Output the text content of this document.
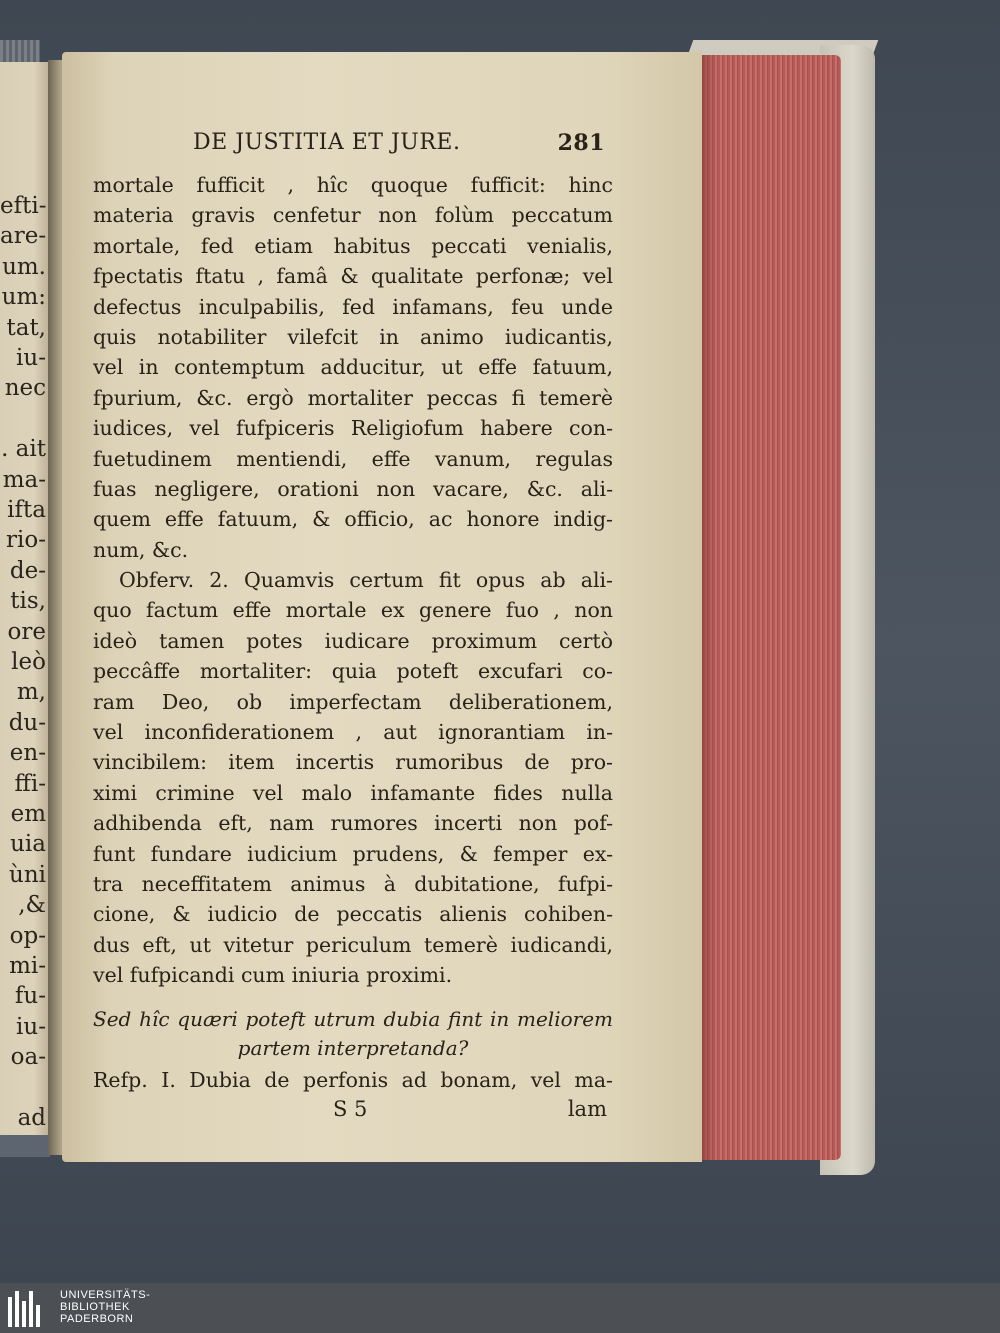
efti-
are-
um.
um:
tat,
iu-
nec
. ait
ma-
ifta
rio-
de-
tis,
ore
leò
m,
du-
en-
ffi-
em
uia
ùni
,&
op-
mi-
fu-
iu-
oa-
ad
DE JUSTITIA ET JURE.	281
mortale fufficit , hîc quoque fufficit: hinc
materia gravis cenfetur non folùm peccatum
mortale, fed etiam habitus peccati venialis,
fpectatis ftatu , famâ & qualitate perfonæ; vel
defectus inculpabilis, fed infamans, feu unde
quis notabiliter vilefcit in animo iudicantis,
vel in contemptum adducitur, ut effe fatuum,
fpurium, &c. ergò mortaliter peccas fi temerè
iudices, vel fufpiceris Religiofum habere con-
fuetudinem mentiendi, effe vanum, regulas
fuas negligere, orationi non vacare, &c. ali-
quem effe fatuum, & officio, ac honore indig-
num, &c.
Obferv. 2. Quamvis certum fit opus ab ali-
quo factum effe mortale ex genere fuo , non
ideò tamen potes iudicare proximum certò
peccâffe mortaliter: quia poteft excufari co-
ram Deo, ob imperfectam deliberationem,
vel inconfiderationem , aut ignorantiam in-
vincibilem: item incertis rumoribus de pro-
ximi crimine vel malo infamante fides nulla
adhibenda eft, nam rumores incerti non pof-
funt fundare iudicium prudens, & femper ex-
tra neceffitatem animus à dubitatione, fufpi-
cione, & iudicio de peccatis alienis cohiben-
dus eft, ut vitetur periculum temerè iudicandi,
vel fufpicandi cum iniuria proximi.
Sed hîc quæri poteft utrum dubia fint in meliorem
partem interpretanda?
Refp. I. Dubia de perfonis ad bonam, vel ma-
S 5	lam
UNIVERSITÄTS-
BIBLIOTHEK
PADERBORN
